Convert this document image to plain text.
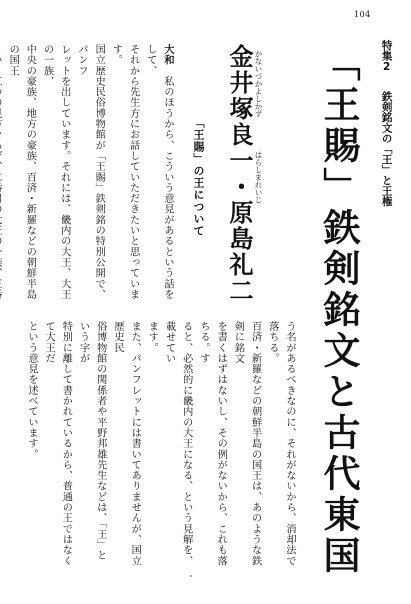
104
特集2 鉄剣銘文の「王」と王権
「王賜」鉄剣銘文と古代東国
金井塚良一・原島礼二 かないづかよしかず
はらしまれいじ
「王賜」の王について

大和　私のほうから、こういう意見があるという話をして、

それから先生方にお話していただきたいと思っています。

国立歴史民俗博物館が「王賜」鉄剣銘の特別公開で、パンフ

レットを出しています。それには、畿内の大王、大王の一族、

中央の豪族、地方の豪族、百済・新羅などの朝鮮半島の国王

う名があるべきなのに、それがないから、消却法で落ちる。

百済・新羅などの朝鮮半島の国王は、あのような鉄剣に銘文

を書くはずはないし、その例がないから、これも落ちる。す

ると、必然的に畿内の大王になる、という見解を、載せてい

ます。

また、パンフレットには書いてありませんが、国立歴史民

俗博物館の関係者や平野邦雄先生などは、「王」という字が

特別に離して書かれているから、普通の王ではなくて大王だ

という意見を述べています。
